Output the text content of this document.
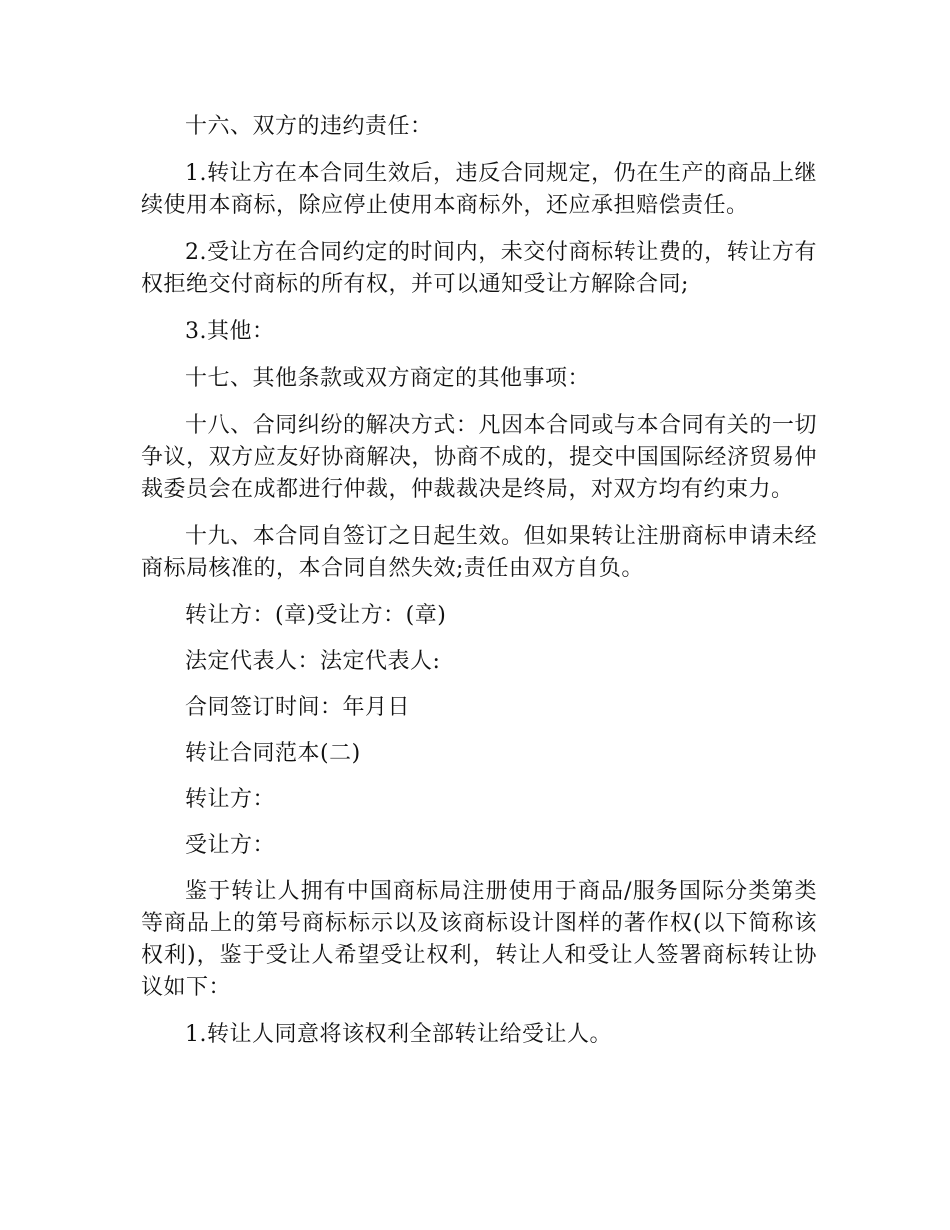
十六、双方的违约责任：

1.转让方在本合同生效后，违反合同规定，仍在生产的商品上继续使用本商标，除应停止使用本商标外，还应承担赔偿责任。

2.受让方在合同约定的时间内，未交付商标转让费的，转让方有权拒绝交付商标的所有权，并可以通知受让方解除合同;

3.其他：

十七、其他条款或双方商定的其他事项：

十八、合同纠纷的解决方式：凡因本合同或与本合同有关的一切争议，双方应友好协商解决，协商不成的，提交中国国际经济贸易仲裁委员会在成都进行仲裁，仲裁裁决是终局，对双方均有约束力。

十九、本合同自签订之日起生效。但如果转让注册商标申请未经商标局核准的，本合同自然失效;责任由双方自负。

转让方：(章)受让方：(章)

法定代表人：法定代表人:

合同签订时间：年月日

转让合同范本(二)

转让方：

受让方：

鉴于转让人拥有中国商标局注册使用于商品/服务国际分类第类等商品上的第号商标标示以及该商标设计图样的著作权(以下简称该权利)，鉴于受让人希望受让权利，转让人和受让人签署商标转让协议如下：

1.转让人同意将该权利全部转让给受让人。
